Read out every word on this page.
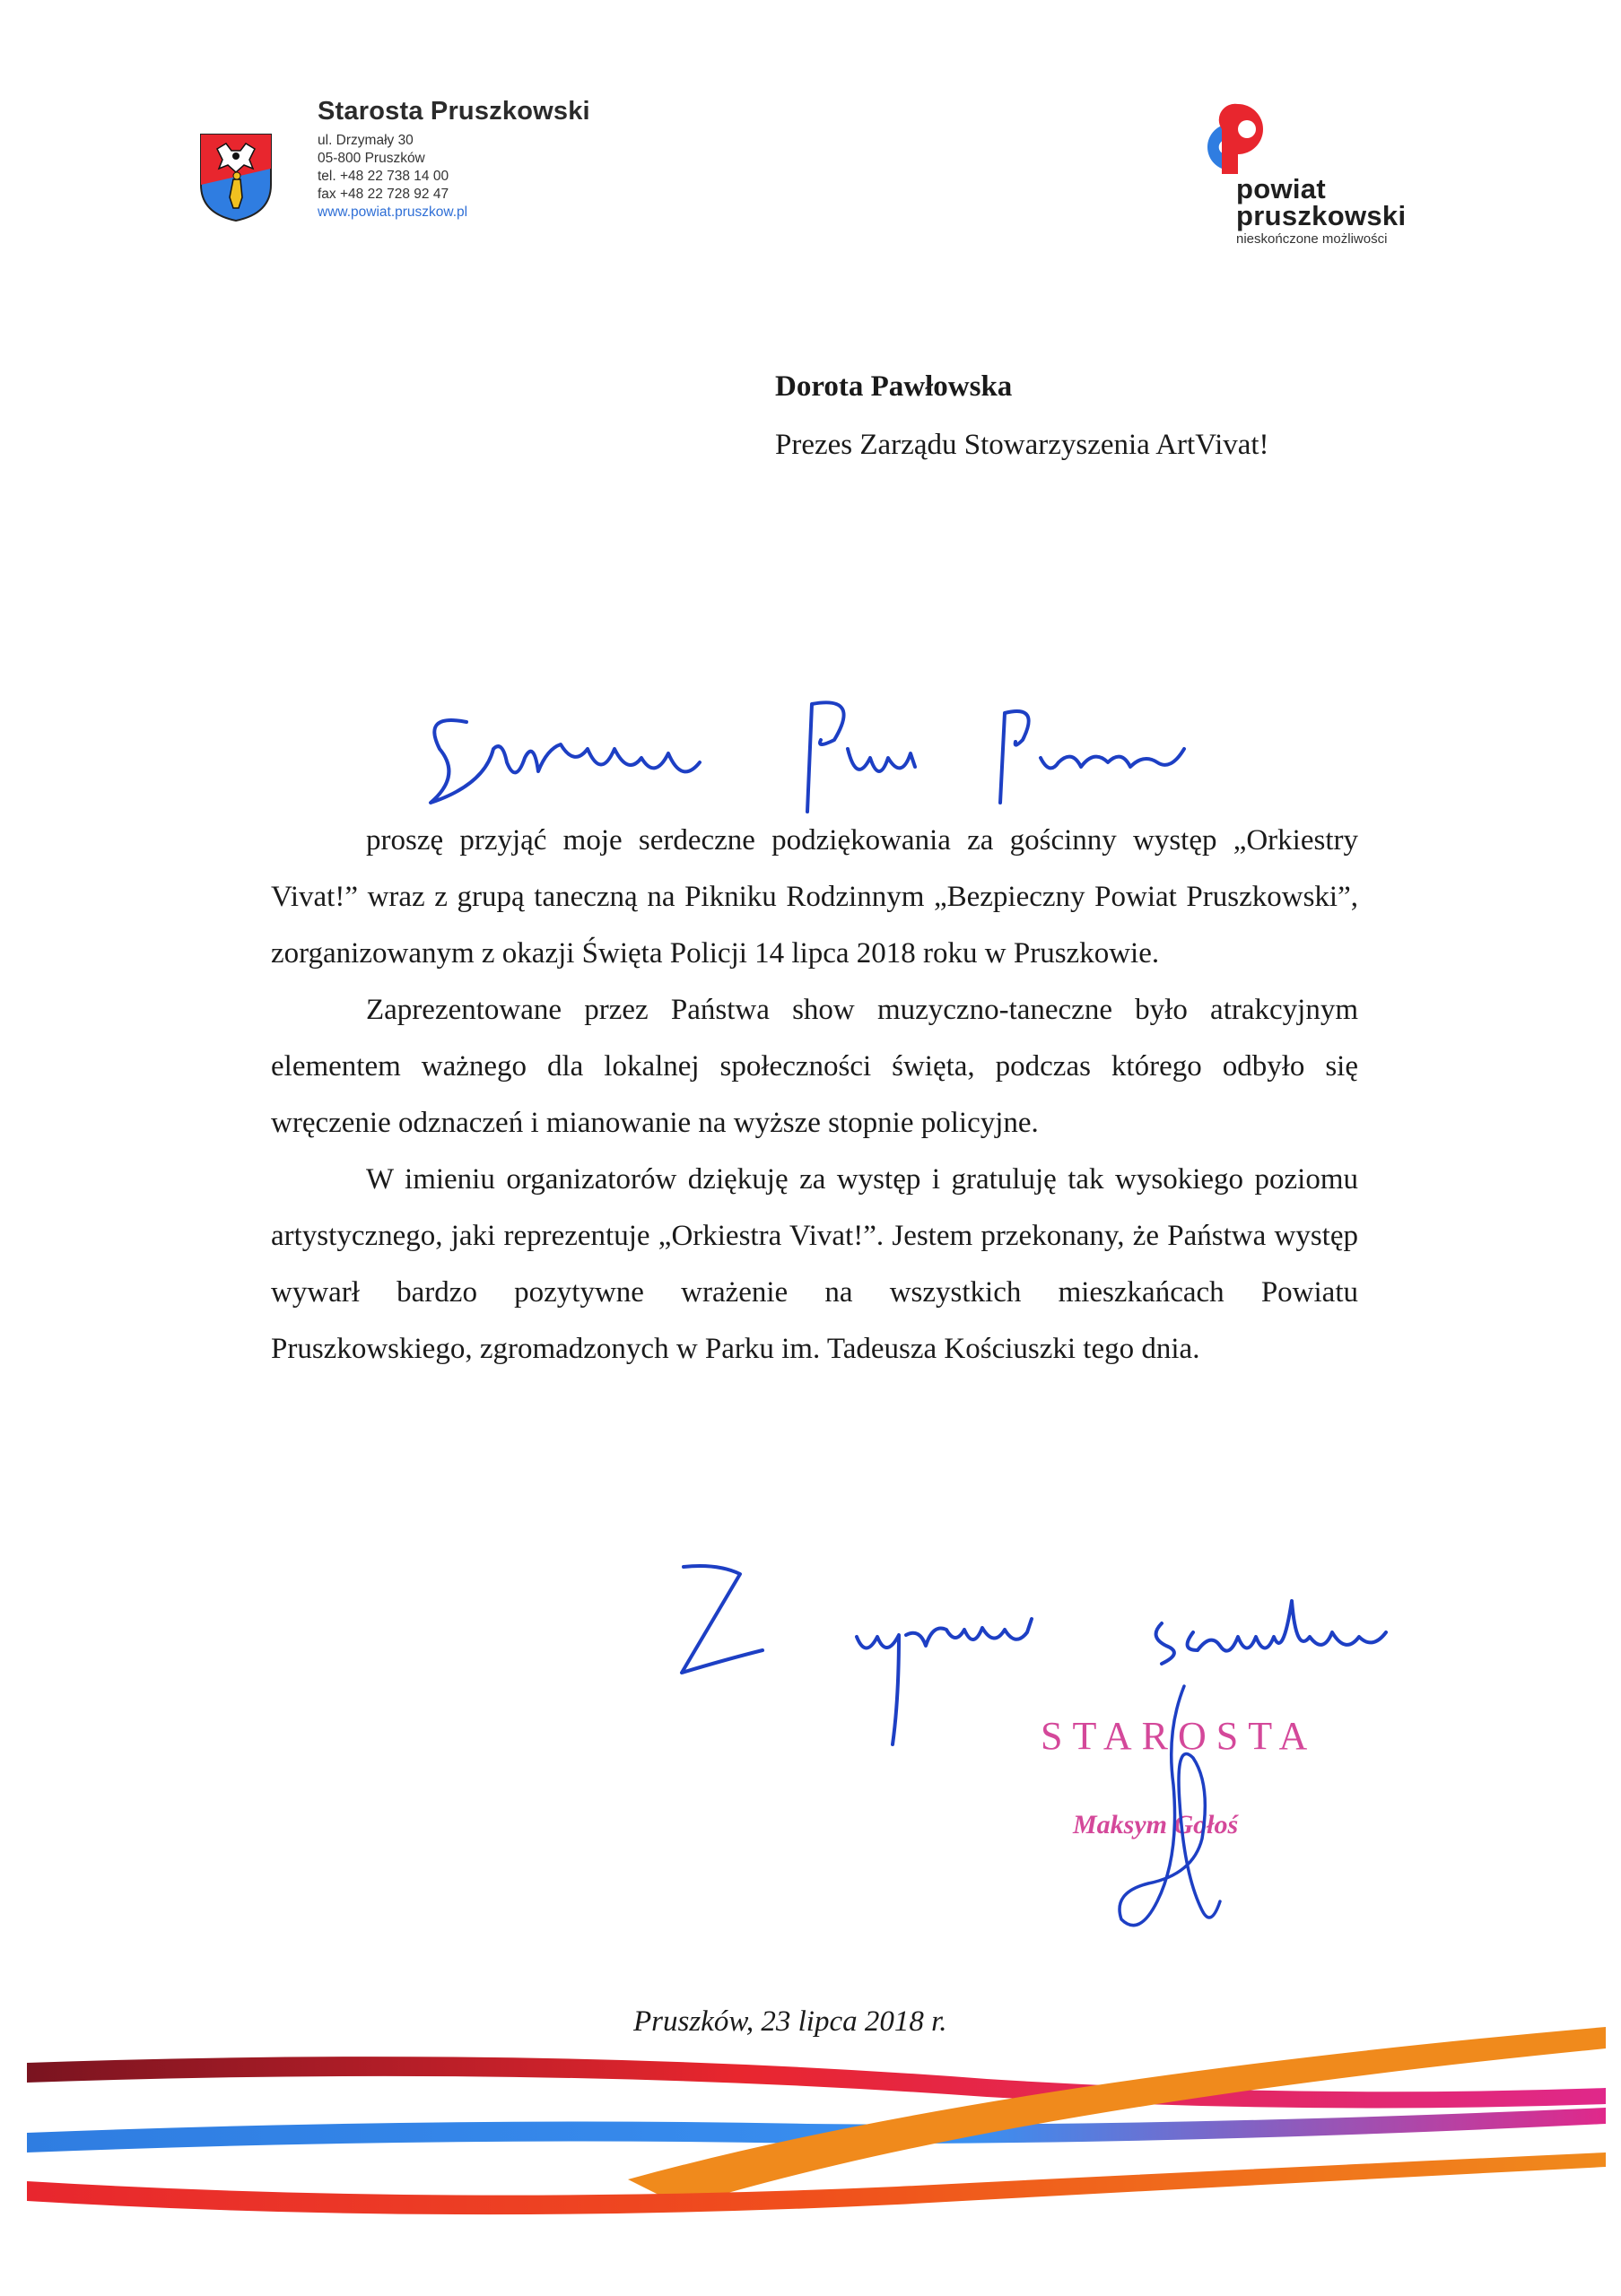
Starosta Pruszkowski
ul. Drzymały 30
05-800 Pruszków
tel. +48 22 738 14 00
fax +48 22 728 92 47
www.powiat.pruszkow.pl
powiat
pruszkowski
nieskończone możliwości
Dorota Pawłowska
Prezes Zarządu Stowarzyszenia ArtVivat!

proszę przyjąć moje serdeczne podziękowania za gościnny występ „Orkiestry Vivat!” wraz z grupą taneczną na Pikniku Rodzinnym „Bezpieczny Powiat Pruszkowski”, zorganizowanym z okazji Święta Policji 14 lipca 2018 roku w Pruszkowie.

Zaprezentowane przez Państwa show muzyczno-taneczne było atrakcyjnym elementem ważnego dla lokalnej społeczności święta, podczas którego odbyło się wręczenie odznaczeń i mianowanie na wyższe stopnie policyjne.

W imieniu organizatorów dziękuję za występ i gratuluję tak wysokiego poziomu artystycznego, jaki reprezentuje „Orkiestra Vivat!”. Jestem przekonany, że Państwa występ wywarł bardzo pozytywne wrażenie na wszystkich mieszkańcach Powiatu Pruszkowskiego, zgromadzonych w Parku im. Tadeusza Kościuszki tego dnia.

STAROSTA
Maksym Gołoś
Pruszków, 23 lipca 2018 r.
